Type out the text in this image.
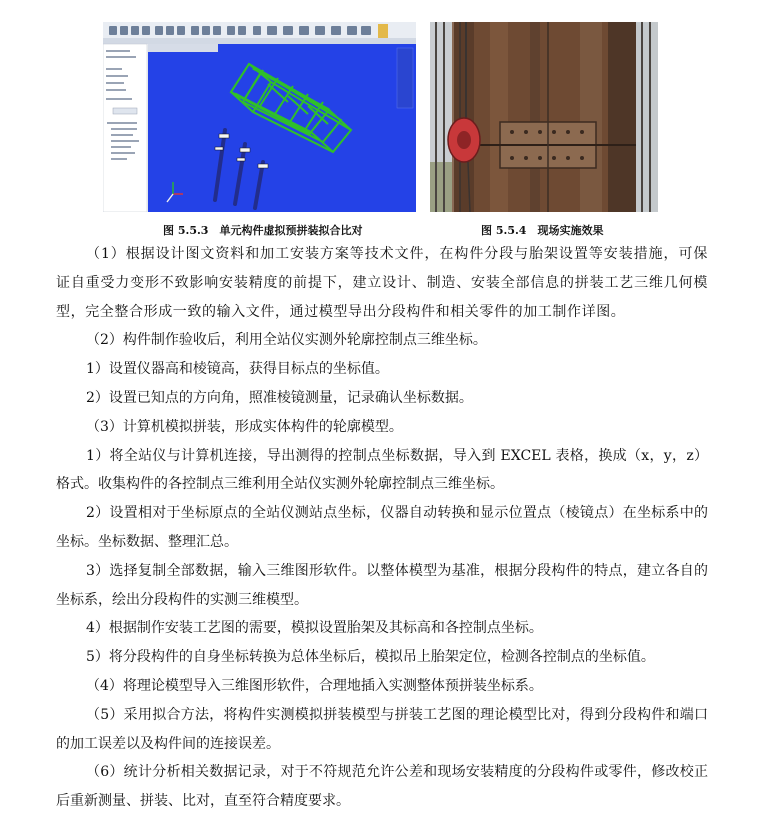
图 5.5.3　单元构件虚拟预拼装拟合比对	图 5.5.4　现场实施效果

（1）根据设计图文资料和加工安装方案等技术文件，在构件分段与胎架设置等安装措施，可保证自重受力变形不致影响安装精度的前提下，建立设计、制造、安装全部信息的拼装工艺三维几何模型，完全整合形成一致的输入文件，通过模型导出分段构件和相关零件的加工制作详图。

（2）构件制作验收后，利用全站仪实测外轮廓控制点三维坐标。

1）设置仪器高和棱镜高，获得目标点的坐标值。

2）设置已知点的方向角，照准棱镜测量，记录确认坐标数据。

（3）计算机模拟拼装，形成实体构件的轮廓模型。

1）将全站仪与计算机连接，导出测得的控制点坐标数据，导入到 EXCEL 表格，换成（x，y，z）格式。收集构件的各控制点三维利用全站仪实测外轮廓控制点三维坐标。

2）设置相对于坐标原点的全站仪测站点坐标，仪器自动转换和显示位置点（棱镜点）在坐标系中的坐标。坐标数据、整理汇总。

3）选择复制全部数据，输入三维图形软件。以整体模型为基准，根据分段构件的特点，建立各自的坐标系，绘出分段构件的实测三维模型。

4）根据制作安装工艺图的需要，模拟设置胎架及其标高和各控制点坐标。

5）将分段构件的自身坐标转换为总体坐标后，模拟吊上胎架定位，检测各控制点的坐标值。

（4）将理论模型导入三维图形软件，合理地插入实测整体预拼装坐标系。

（5）采用拟合方法，将构件实测模拟拼装模型与拼装工艺图的理论模型比对，得到分段构件和端口的加工误差以及构件间的连接误差。

（6）统计分析相关数据记录，对于不符规范允许公差和现场安装精度的分段构件或零件，修改校正后重新测量、拼装、比对，直至符合精度要求。
